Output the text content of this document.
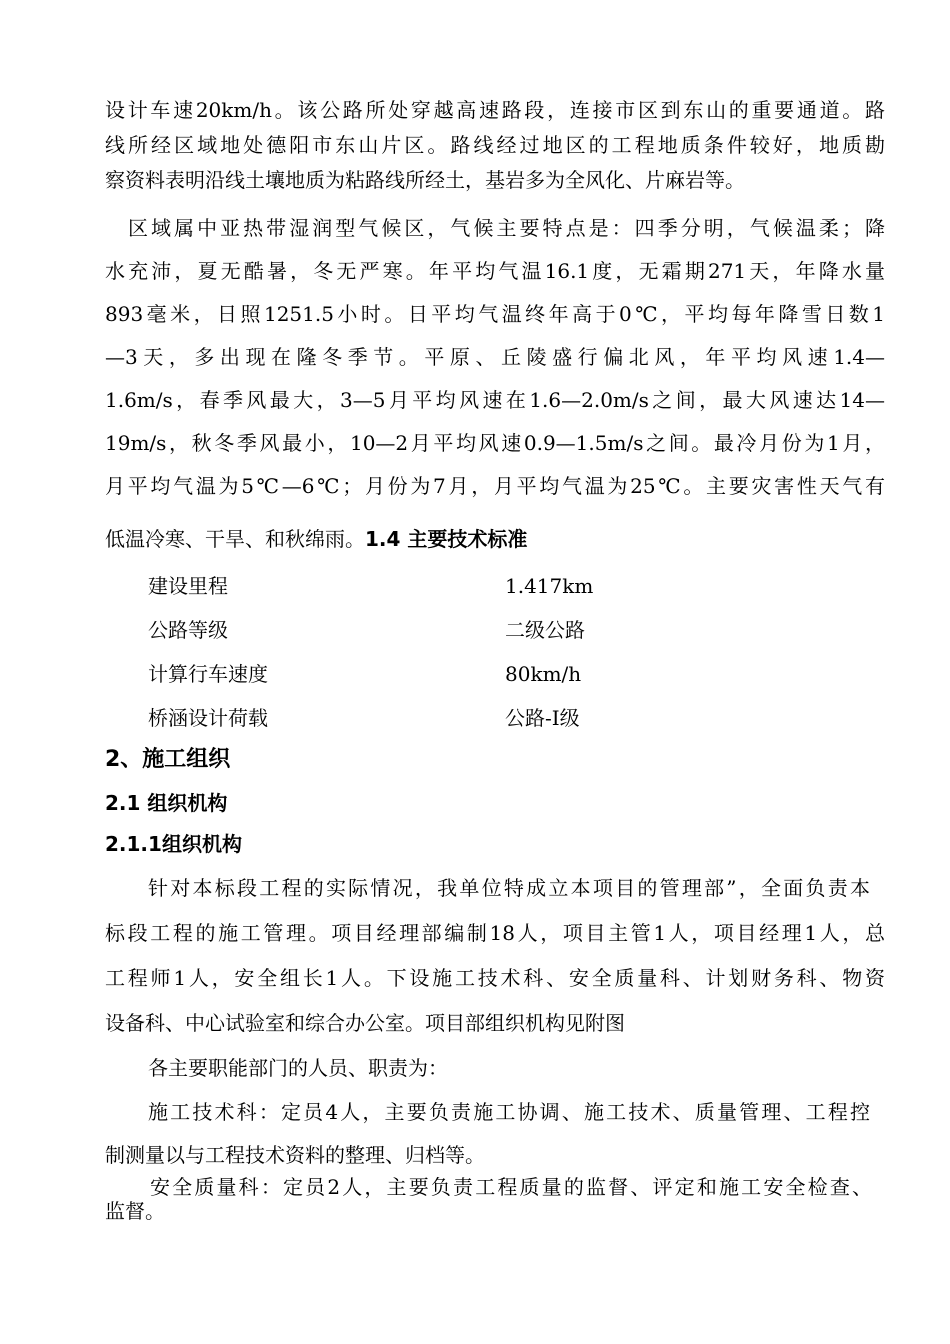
设计车速20km/h。该公路所处穿越高速路段，连接市区到东山的重要通道。路
线所经区域地处德阳市东山片区。路线经过地区的工程地质条件较好，地质勘
察资料表明沿线土壤地质为粘路线所经土，基岩多为全风化、片麻岩等。
区域属中亚热带湿润型气候区，气候主要特点是：四季分明，气候温柔；降
水充沛，夏无酷暑，冬无严寒。年平均气温16.1度，无霜期271天，年降水量
893毫米，日照1251.5小时。日平均气温终年高于0℃，平均每年降雪日数1
—3天，多出现在隆冬季节。平原、丘陵盛行偏北风，年平均风速1.4—
1.6m/s，春季风最大，3—5月平均风速在1.6—2.0m/s之间，最大风速达14—
19m/s，秋冬季风最小，10—2月平均风速0.9—1.5m/s之间。最冷月份为1月，
月平均气温为5℃—6℃；月份为7月，月平均气温为25℃。主要灾害性天气有
低温冷寒、干旱、和秋绵雨。1.4 主要技术标准
建设里程	1.417km
公路等级	二级公路
计算行车速度	80km/h
桥涵设计荷载	公路-Ⅰ级
2、施工组织
2.1 组织机构
2.1.1组织机构
针对本标段工程的实际情况，我单位特成立本项目的管理部”，全面负责本
标段工程的施工管理。项目经理部编制18人，项目主管1人，项目经理1人，总
工程师1人，安全组长1人。下设施工技术科、安全质量科、计划财务科、物资
设备科、中心试验室和综合办公室。项目部组织机构见附图
各主要职能部门的人员、职责为：
施工技术科：定员4人，主要负责施工协调、施工技术、质量管理、工程控
制测量以与工程技术资料的整理、归档等。
安全质量科：定员2人，主要负责工程质量的监督、评定和施工安全检查、
监督。
